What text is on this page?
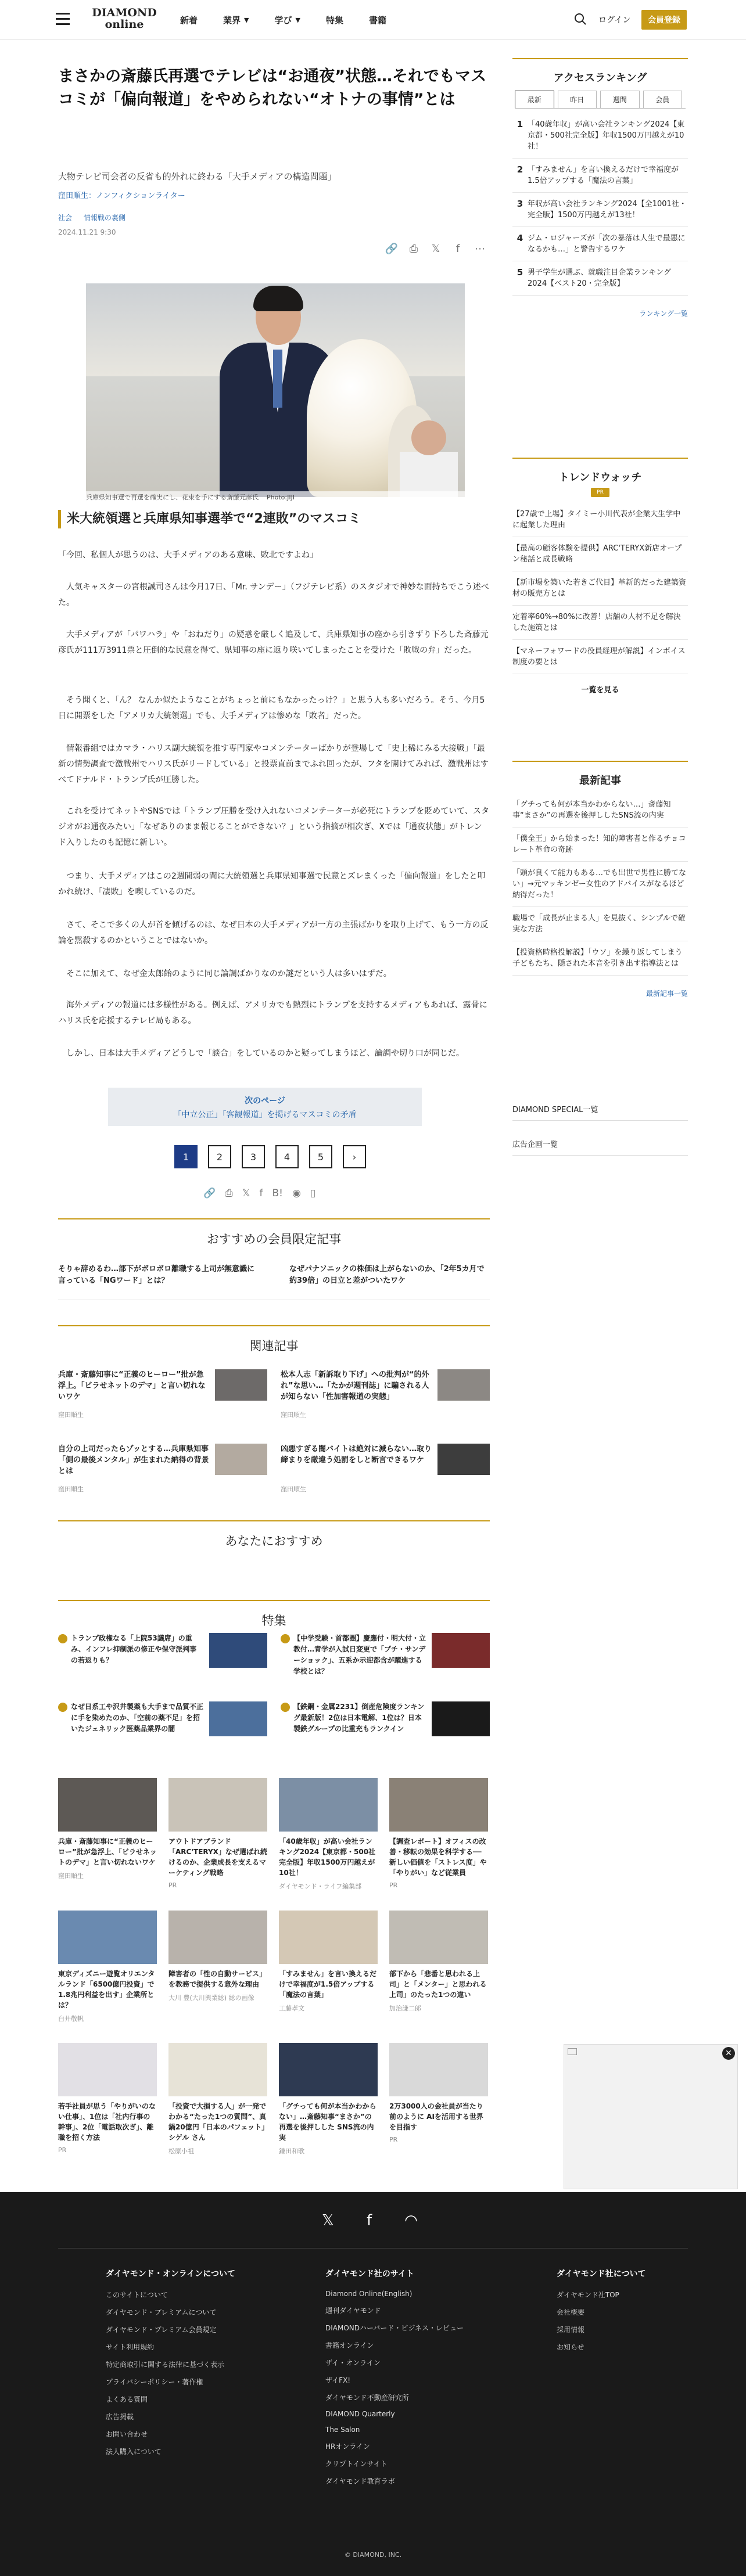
DIAMOND
online	新着	業界 ▼	学び ▼	特集	書籍	ログイン	会員登録
まさかの斎藤氏再選でテレビは“お通夜”状態…それでもマスコミが「偏向報道」をやめられない“オトナの事情”とは
大物テレビ司会者の反省も的外れに終わる「大手メディアの構造問題」
窪田順生：ノンフィクションライター
社会 情報戦の裏側
2024.11.21 9:30
🔗 ⎙ 𝕏	f	⋯
兵庫県知事選で再選を確実にし、花束を手にする斎藤元彦氏 Photo:JIJI
米大統領選と兵庫県知事選挙で“2連敗”のマスコミ

「今回、私個人が思うのは、大手メディアのある意味、敗北ですよね」

人気キャスターの宮根誠司さんは今月17日、「Mr. サンデー」（フジテレビ系）のスタジオで神妙な面持ちでこう述べた。

大手メディアが「パワハラ」や「おねだり」の疑惑を厳しく追及して、兵庫県知事の座から引きずり下ろした斎藤元彦氏が111万3911票と圧倒的な民意を得て、県知事の座に返り咲いてしまったことを受けた「敗戦の弁」だった。

そう聞くと、「ん？ なんか似たようなことがちょっと前にもなかったっけ？」と思う人も多いだろう。そう、今月5日に開票をした「アメリカ大統領選」でも、大手メディアは惨めな「敗者」だった。

情報番組ではカマラ・ハリス副大統領を推す専門家やコメンテーターばかりが登場して「史上稀にみる大接戦」「最新の情勢調査で激戦州でハリス氏がリードしている」と投票直前までふれ回ったが、フタを開けてみれば、激戦州はすべてドナルド・トランプ氏が圧勝した。

これを受けてネットやSNSでは「トランプ圧勝を受け入れないコメンテーターが必死にトランプを貶めていて、スタジオがお通夜みたい」「なぜありのまま報じることができない？」という指摘が相次ぎ、Xでは「通夜状態」がトレンド入りしたのも記憶に新しい。

つまり、大手メディアはこの2週間弱の間に大統領選と兵庫県知事選で民意とズレまくった「偏向報道」をしたと叩かれ続け、「凄敗」を喫しているのだ。

さて、そこで多くの人が首を傾げるのは、なぜ日本の大手メディアが一方の主張ばかりを取り上げて、もう一方の反論を黙殺するのかということではないか。

そこに加えて、なぜ金太郎飴のように同じ論調ばかりなのか謎だという人は多いはずだ。

海外メディアの報道には多様性がある。例えば、アメリカでも熱烈にトランプを支持するメディアもあれば、露骨にハリス氏を応援するテレビ局もある。

しかし、日本は大手メディアどうしで「談合」をしているのかと疑ってしまうほど、論調や切り口が同じだ。

次のページ
「中立公正」「客観報道」を掲げるマスコミの矛盾
1	2	3	4	5	›
🔗 ⎙ 𝕏 f B! ◉ ▯
おすすめの会員限定記事
そりゃ辞めるわ…部下がボロボロ離職する上司が無意識に言っている「NGワード」とは？
なぜパナソニックの株価は上がらないのか、「2年5カ月で約39倍」の日立と差がついたワケ
関連記事
兵庫・斎藤知事に“正義のヒーロー”批が急浮上。「ビラせネットのデマ」と言い切れないワケ
窪田順生
松本人志「新訴取り下げ」への批判が“的外れ”な思い…「たかが週刊誌」に騙される人が知らない「性加害報道の実態」
窪田順生
自分の上司だったらゾッとする…兵庫県知事「側の最後メンタル」が生まれた納得の背景とは
窪田順生
凶悪すぎる闇バイトは絶対に減らない…取り締まりを厳違う処罰をしと断言できるワケ
窪田順生
あなたにおすすめ
特集
トランプ政権なる「上院53議席」の重み、インフレ抑制派の修正や保守派判事の若返りも？
【中学受験・首都圏】慶應付・明大付・立教付…青学が入試日変更で「プチ・サンデーショック」、五系か示迎都含が躍進する学校とは？
なぜ日系工や沢井製薬も大手まで品質不正に手を染めたのか、「空前の薬不足」を招いたジェネリック医薬品業界の闇
【鉄鋼・金属2231】倒産危険度ランキング最新版！2位は日本電解、1位は？日本製鉄グループの比重充もランクイン
兵庫・斎藤知事に“正義のヒーロー”批が急浮上、「ビラせネットのデマ」と言い切れないワケ
窪田順生
アウトドアブランド「ARC'TERYX」なぜ選ばれ続けるのか、企業成長を支えるマーケティング戦略
PR
「40歳年収」が高い会社ランキング2024【東京都・500社完全版】年収1500万円越えが10社！
ダイヤモンド・ライフ編集部
【調査レポート】オフィスの改善・移転の効果を科学する──新しい価値を「ストレス度」や「やりがい」など従業員
PR
東京ディズニー遊覧オリエンタルランド「6500億円投資」で1.8兆円利益を出す」企業所とは？
白井敬帆
障害者の「性の自動サービス」を教務で提供する意外な理由
大川 豊(大川興業総) 総の画像
「すみません」を言い換えるだけで幸福度が1.5倍アップする「魔法の言葉」
工藤孝文
部下から「悲番と思われる上司」と「メンター」と思われる上司」のたった1つの違い
加治謙二郎
若手社員が思う「やりがいのない仕事」、1位は「社内行事の幹事」、2位「電話取次ぎ」、離職を招く方法
PR
「投資で大損する人」が一発でわかる“たった1つの質問”、真鍋20億円「日本のパフェット」シゲル さん
松原小祖
「グチっても何が本当かわからない」…斎藤知事“まさか”の再選を後押しした SNS流の内実
鎌田和歌
2万3000人の金社員が当たり前のように AIを活用する世界を目指す
PR
アクセスランキング
最新	昨日	週間	会員
1 「40歳年収」が高い会社ランキング2024【東京都・500社完全版】年収1500万円越えが10社！
2 「すみません」を言い換えるだけで幸福度が1.5倍アップする「魔法の言葉」
3 年収が高い会社ランキング2024【全1001社・完全版】1500万円越えが13社！
4 ジム・ロジャーズが「次の暴落は人生で最悪になるかも…」と警告するワケ
5 男子学生が選ぶ、就職注目企業ランキング2024【ベスト20・完全版】
ランキング一覧
トレンドウォッチ
PR
【27歳で上場】タイミー小川代表が企業大生学中に起業した理由
【最高の顧客体験を提供】ARC'TERYX新店オープン秘話と成長戦略
【新市場を築いた若きご代目】革新的だった建築資材の販売方とは
定着率60%→80%に改善！店舗の人材不足を解決した施策とは
【マネーフォワードの役員経理が解説】インボイス制度の要とは
一覧を見る
最新記事
「グチっても何が本当かわからない…」斎藤知事“まさか”の再選を後押ししたSNS流の内実
「僕全王」から始まった！知的障害者と作るチョコレート革命の奇跡
「頭が良くて能力もある…でも出世で男性に勝てない」→元マッキンゼー女性のアドバイスがなるほど納得だった！
職場で「成長が止まる人」を見抜く、シンプルで確実な方法
【投資格時格投解説】「ウソ」を繰り返してしまう子どもたち、隠された本音を引き出す指導法とは
最新記事一覧
DIAMOND SPECIAL一覧
広告企画一覧
✕
𝕏 f ◠
ダイヤモンド・オンラインについて
このサイトについて
ダイヤモンド・プレミアムについて
ダイヤモンド・プレミアム会員規定
サイト利用規約
特定商取引に関する法律に基づく表示
プライバシーポリシー・著作権
よくある質問
広告掲載
お問い合わせ
法人購入について
ダイヤモンド社のサイト
Diamond Online(English)
週刊ダイヤモンド
DIAMONDハーバード・ビジネス・レビュー
書籍オンライン
ザイ・オンライン
ザイFX!
ダイヤモンド不動産研究所
DIAMOND Quarterly
The Salon
HRオンライン
クリプトインサイト
ダイヤモンド教育ラボ
ダイヤモンド社について
ダイヤモンド社TOP
会社概要
採用情報
お知らせ
© DIAMOND, INC.
